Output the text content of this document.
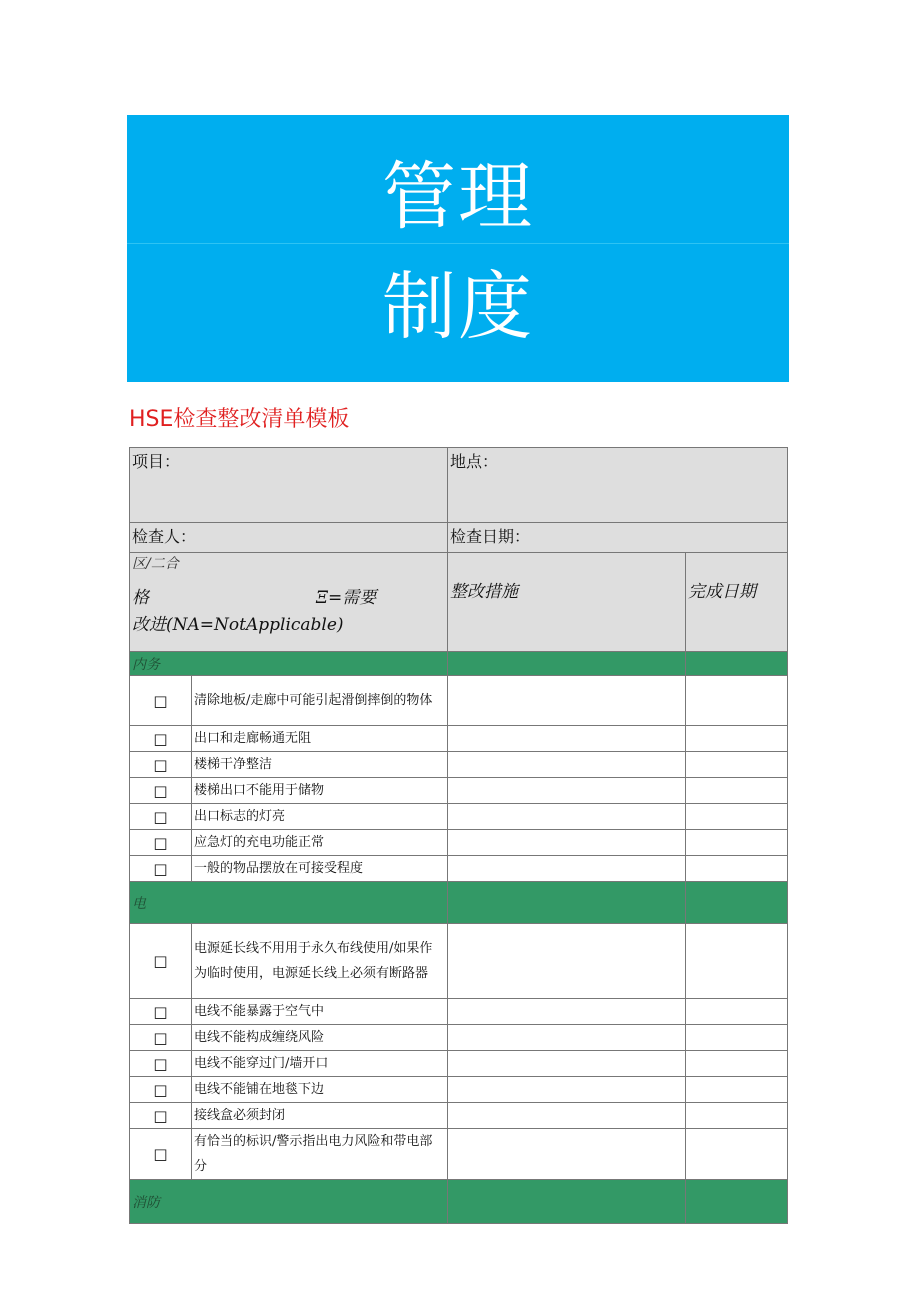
管理
制度
HSE检查整改清单模板
项目：		地点：	
检查人：		检查日期：	

区/二合
格 Ξ=需要
改进(NA=NotApplicable)		整改措施	完成日期
内务			
□	清除地板/走廊中可能引起滑倒摔倒的物体		
□	出口和走廊畅通无阻		
□	楼梯干净整洁		
□	楼梯出口不能用于储物		
□	出口标志的灯亮		
□	应急灯的充电功能正常		
□	一般的物品摆放在可接受程度		
电			
□	电源延长线不用用于永久布线使用/如果作为临时使用，电源延长线上必须有断路器		
□	电线不能暴露于空气中		
□	电线不能构成缠绕风险		
□	电线不能穿过门/墙开口		
□	电线不能铺在地毯下边		
□	接线盒必须封闭		
□	有恰当的标识/警示指出电力风险和带电部分		
消防			
